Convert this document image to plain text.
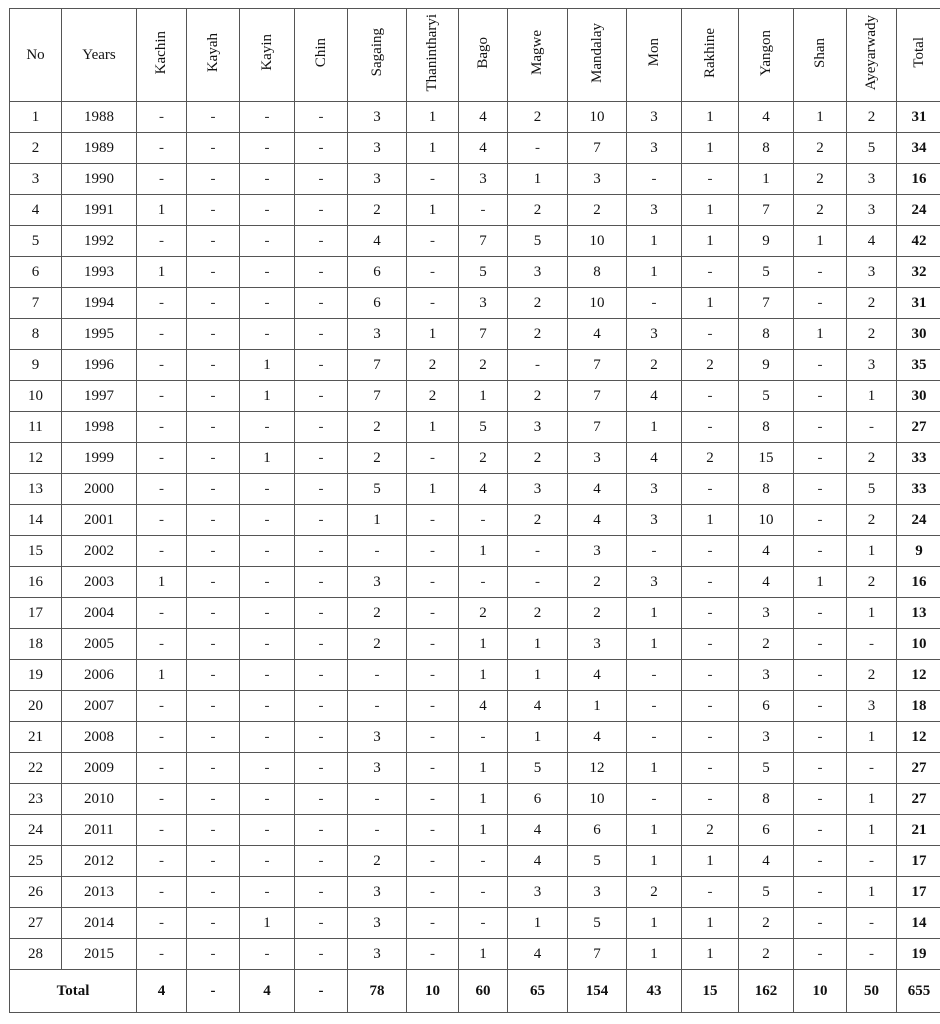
No	Years	Kachin	Kayah	Kayin	Chin	Sagaing	Thanintharyi	Bago	Magwe	Mandalay	Mon	Rakhine	Yangon	Shan	Ayeyarwady	Total
1	1988	-	-	-	-	3	1	4	2	10	3	1	4	1	2	31
2	1989	-	-	-	-	3	1	4	-	7	3	1	8	2	5	34
3	1990	-	-	-	-	3	-	3	1	3	-	-	1	2	3	16
4	1991	1	-	-	-	2	1	-	2	2	3	1	7	2	3	24
5	1992	-	-	-	-	4	-	7	5	10	1	1	9	1	4	42
6	1993	1	-	-	-	6	-	5	3	8	1	-	5	-	3	32
7	1994	-	-	-	-	6	-	3	2	10	-	1	7	-	2	31
8	1995	-	-	-	-	3	1	7	2	4	3	-	8	1	2	30
9	1996	-	-	1	-	7	2	2	-	7	2	2	9	-	3	35
10	1997	-	-	1	-	7	2	1	2	7	4	-	5	-	1	30
11	1998	-	-	-	-	2	1	5	3	7	1	-	8	-	-	27
12	1999	-	-	1	-	2	-	2	2	3	4	2	15	-	2	33
13	2000	-	-	-	-	5	1	4	3	4	3	-	8	-	5	33
14	2001	-	-	-	-	1	-	-	2	4	3	1	10	-	2	24
15	2002	-	-	-	-	-	-	1	-	3	-	-	4	-	1	9
16	2003	1	-	-	-	3	-	-	-	2	3	-	4	1	2	16
17	2004	-	-	-	-	2	-	2	2	2	1	-	3	-	1	13
18	2005	-	-	-	-	2	-	1	1	3	1	-	2	-	-	10
19	2006	1	-	-	-	-	-	1	1	4	-	-	3	-	2	12
20	2007	-	-	-	-	-	-	4	4	1	-	-	6	-	3	18
21	2008	-	-	-	-	3	-	-	1	4	-	-	3	-	1	12
22	2009	-	-	-	-	3	-	1	5	12	1	-	5	-	-	27
23	2010	-	-	-	-	-	-	1	6	10	-	-	8	-	1	27
24	2011	-	-	-	-	-	-	1	4	6	1	2	6	-	1	21
25	2012	-	-	-	-	2	-	-	4	5	1	1	4	-	-	17
26	2013	-	-	-	-	3	-	-	3	3	2	-	5	-	1	17
27	2014	-	-	1	-	3	-	-	1	5	1	1	2	-	-	14
28	2015	-	-	-	-	3	-	1	4	7	1	1	2	-	-	19
Total		4	-	4	-	78	10	60	65	154	43	15	162	10	50	655
